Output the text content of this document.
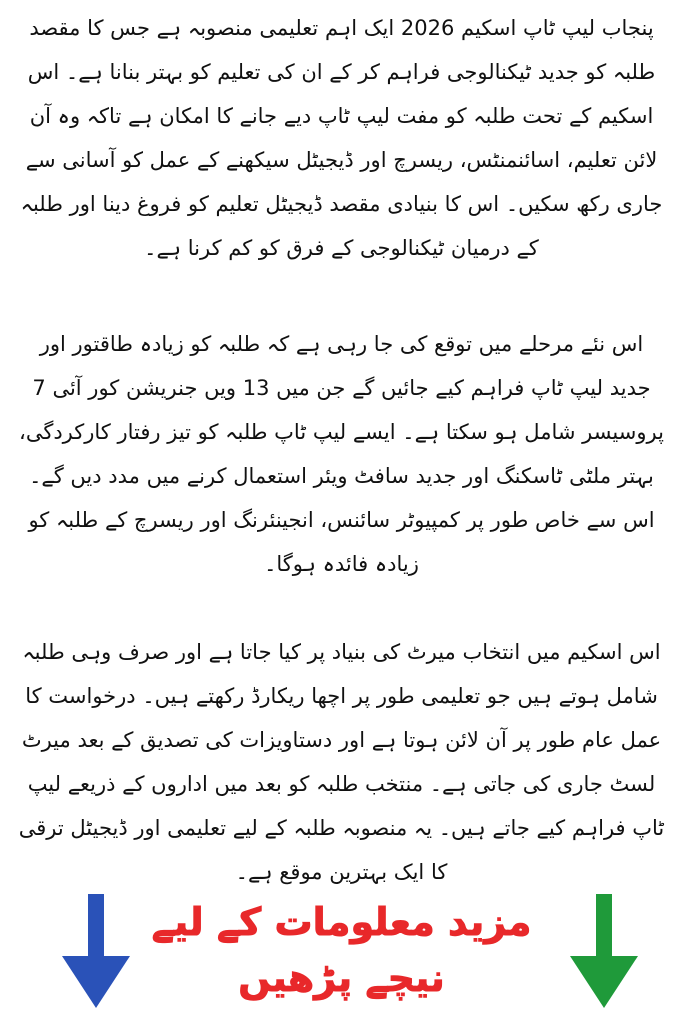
پنجاب لیپ ٹاپ اسکیم 2026 ایک اہم تعلیمی منصوبہ ہے جس کا مقصد طلبہ کو جدید ٹیکنالوجی فراہم کر کے ان کی تعلیم کو بہتر بنانا ہے۔ اس اسکیم کے تحت طلبہ کو مفت لیپ ٹاپ دیے جانے کا امکان ہے تاکہ وہ آن لائن تعلیم، اسائنمنٹس، ریسرچ اور ڈیجیٹل سیکھنے کے عمل کو آسانی سے جاری رکھ سکیں۔ اس کا بنیادی مقصد ڈیجیٹل تعلیم کو فروغ دینا اور طلبہ کے درمیان ٹیکنالوجی کے فرق کو کم کرنا ہے۔

اس نئے مرحلے میں توقع کی جا رہی ہے کہ طلبہ کو زیادہ طاقتور اور جدید لیپ ٹاپ فراہم کیے جائیں گے جن میں 13 ویں جنریشن کور آئی 7 پروسیسر شامل ہو سکتا ہے۔ ایسے لیپ ٹاپ طلبہ کو تیز رفتار کارکردگی، بہتر ملٹی ٹاسکنگ اور جدید سافٹ ویئر استعمال کرنے میں مدد دیں گے۔ اس سے خاص طور پر کمپیوٹر سائنس، انجینئرنگ اور ریسرچ کے طلبہ کو زیادہ فائدہ ہوگا۔

اس اسکیم میں انتخاب میرٹ کی بنیاد پر کیا جاتا ہے اور صرف وہی طلبہ شامل ہوتے ہیں جو تعلیمی طور پر اچھا ریکارڈ رکھتے ہیں۔ درخواست کا عمل عام طور پر آن لائن ہوتا ہے اور دستاویزات کی تصدیق کے بعد میرٹ لسٹ جاری کی جاتی ہے۔ منتخب طلبہ کو بعد میں اداروں کے ذریعے لیپ ٹاپ فراہم کیے جاتے ہیں۔ یہ منصوبہ طلبہ کے لیے تعلیمی اور ڈیجیٹل ترقی کا ایک بہترین موقع ہے۔

مزید معلومات کے لیے
نیچے پڑھیں
